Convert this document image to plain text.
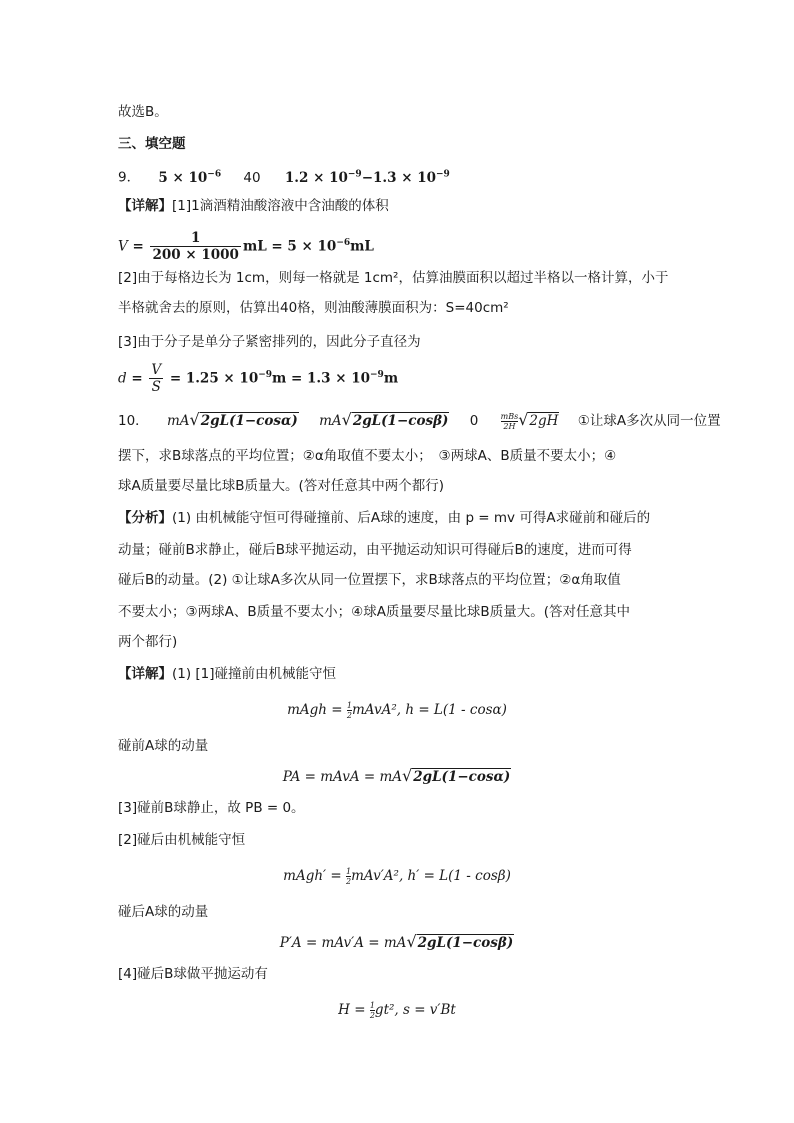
故选B。
三、填空题
9． $5 \times 10^{-6}$ 40 $1.2 \times 10^{-9}-1.3 \times 10^{-9}$
【详解】[1]1滴酒精油酸溶液中含油酸的体积
$V = \frac{1}{200 \times 1000}$ mL = $5 \times 10^{-6}mL$
[2]由于每格边长为 1cm，则每一格就是 1cm²，估算油膜面积以超过半格以一格计算，小于
半格就舍去的原则，估算出40格，则油酸薄膜面积为：S=40cm²
[3]由于分子是单分子紧密排列的，因此分子直径为
$d = \frac{V}{S} = 1.25 \times 10^{-9}m = 1.3 \times 10^{-9}m$
10． mA√2gL(1−cosα) mA√2gL(1−cosβ) 0	$\frac{\text{mBs}}{2H}√2gH$ ①让球A多次从同一位置
摆下，求B球落点的平均位置；②α角取值不要太小；　③两球A、B质量不要太小；④
球A质量要尽量比球B质量大。(答对任意其中两个都行)
【分析】(1) 由机械能守恒可得碰撞前、后A球的速度，由 p = mv 可得A求碰前和碰后的
动量；碰前B求静止，碰后B球平抛运动，由平抛运动知识可得碰后B的速度，进而可得
碰后B的动量。(2) ①让球A多次从同一位置摆下，求B球落点的平均位置；②α角取值
不要太小；③两球A、B质量不要太小；④球A质量要尽量比球B质量大。(答对任意其中
两个都行)
【详解】(1) [1]碰撞前由机械能守恒
mAgh = $\frac{1}{2}mAvA^2$, h = L(1 - cosα)
碰前A球的动量
PA = mAvA = mA√2gL(1−cosα)
[3]碰前B球静止，故 PB = 0。
[2]碰后由机械能守恒
mAgh′ = $\frac{1}{2}mAv'A^2$, h′ = L(1 - cosβ)
碰后A球的动量
P′A = mAv′A = mA√2gL(1−cosβ)
[4]碰后B球做平抛运动有
$H = \frac{1}{2}gt^2$, s = v′Bt
